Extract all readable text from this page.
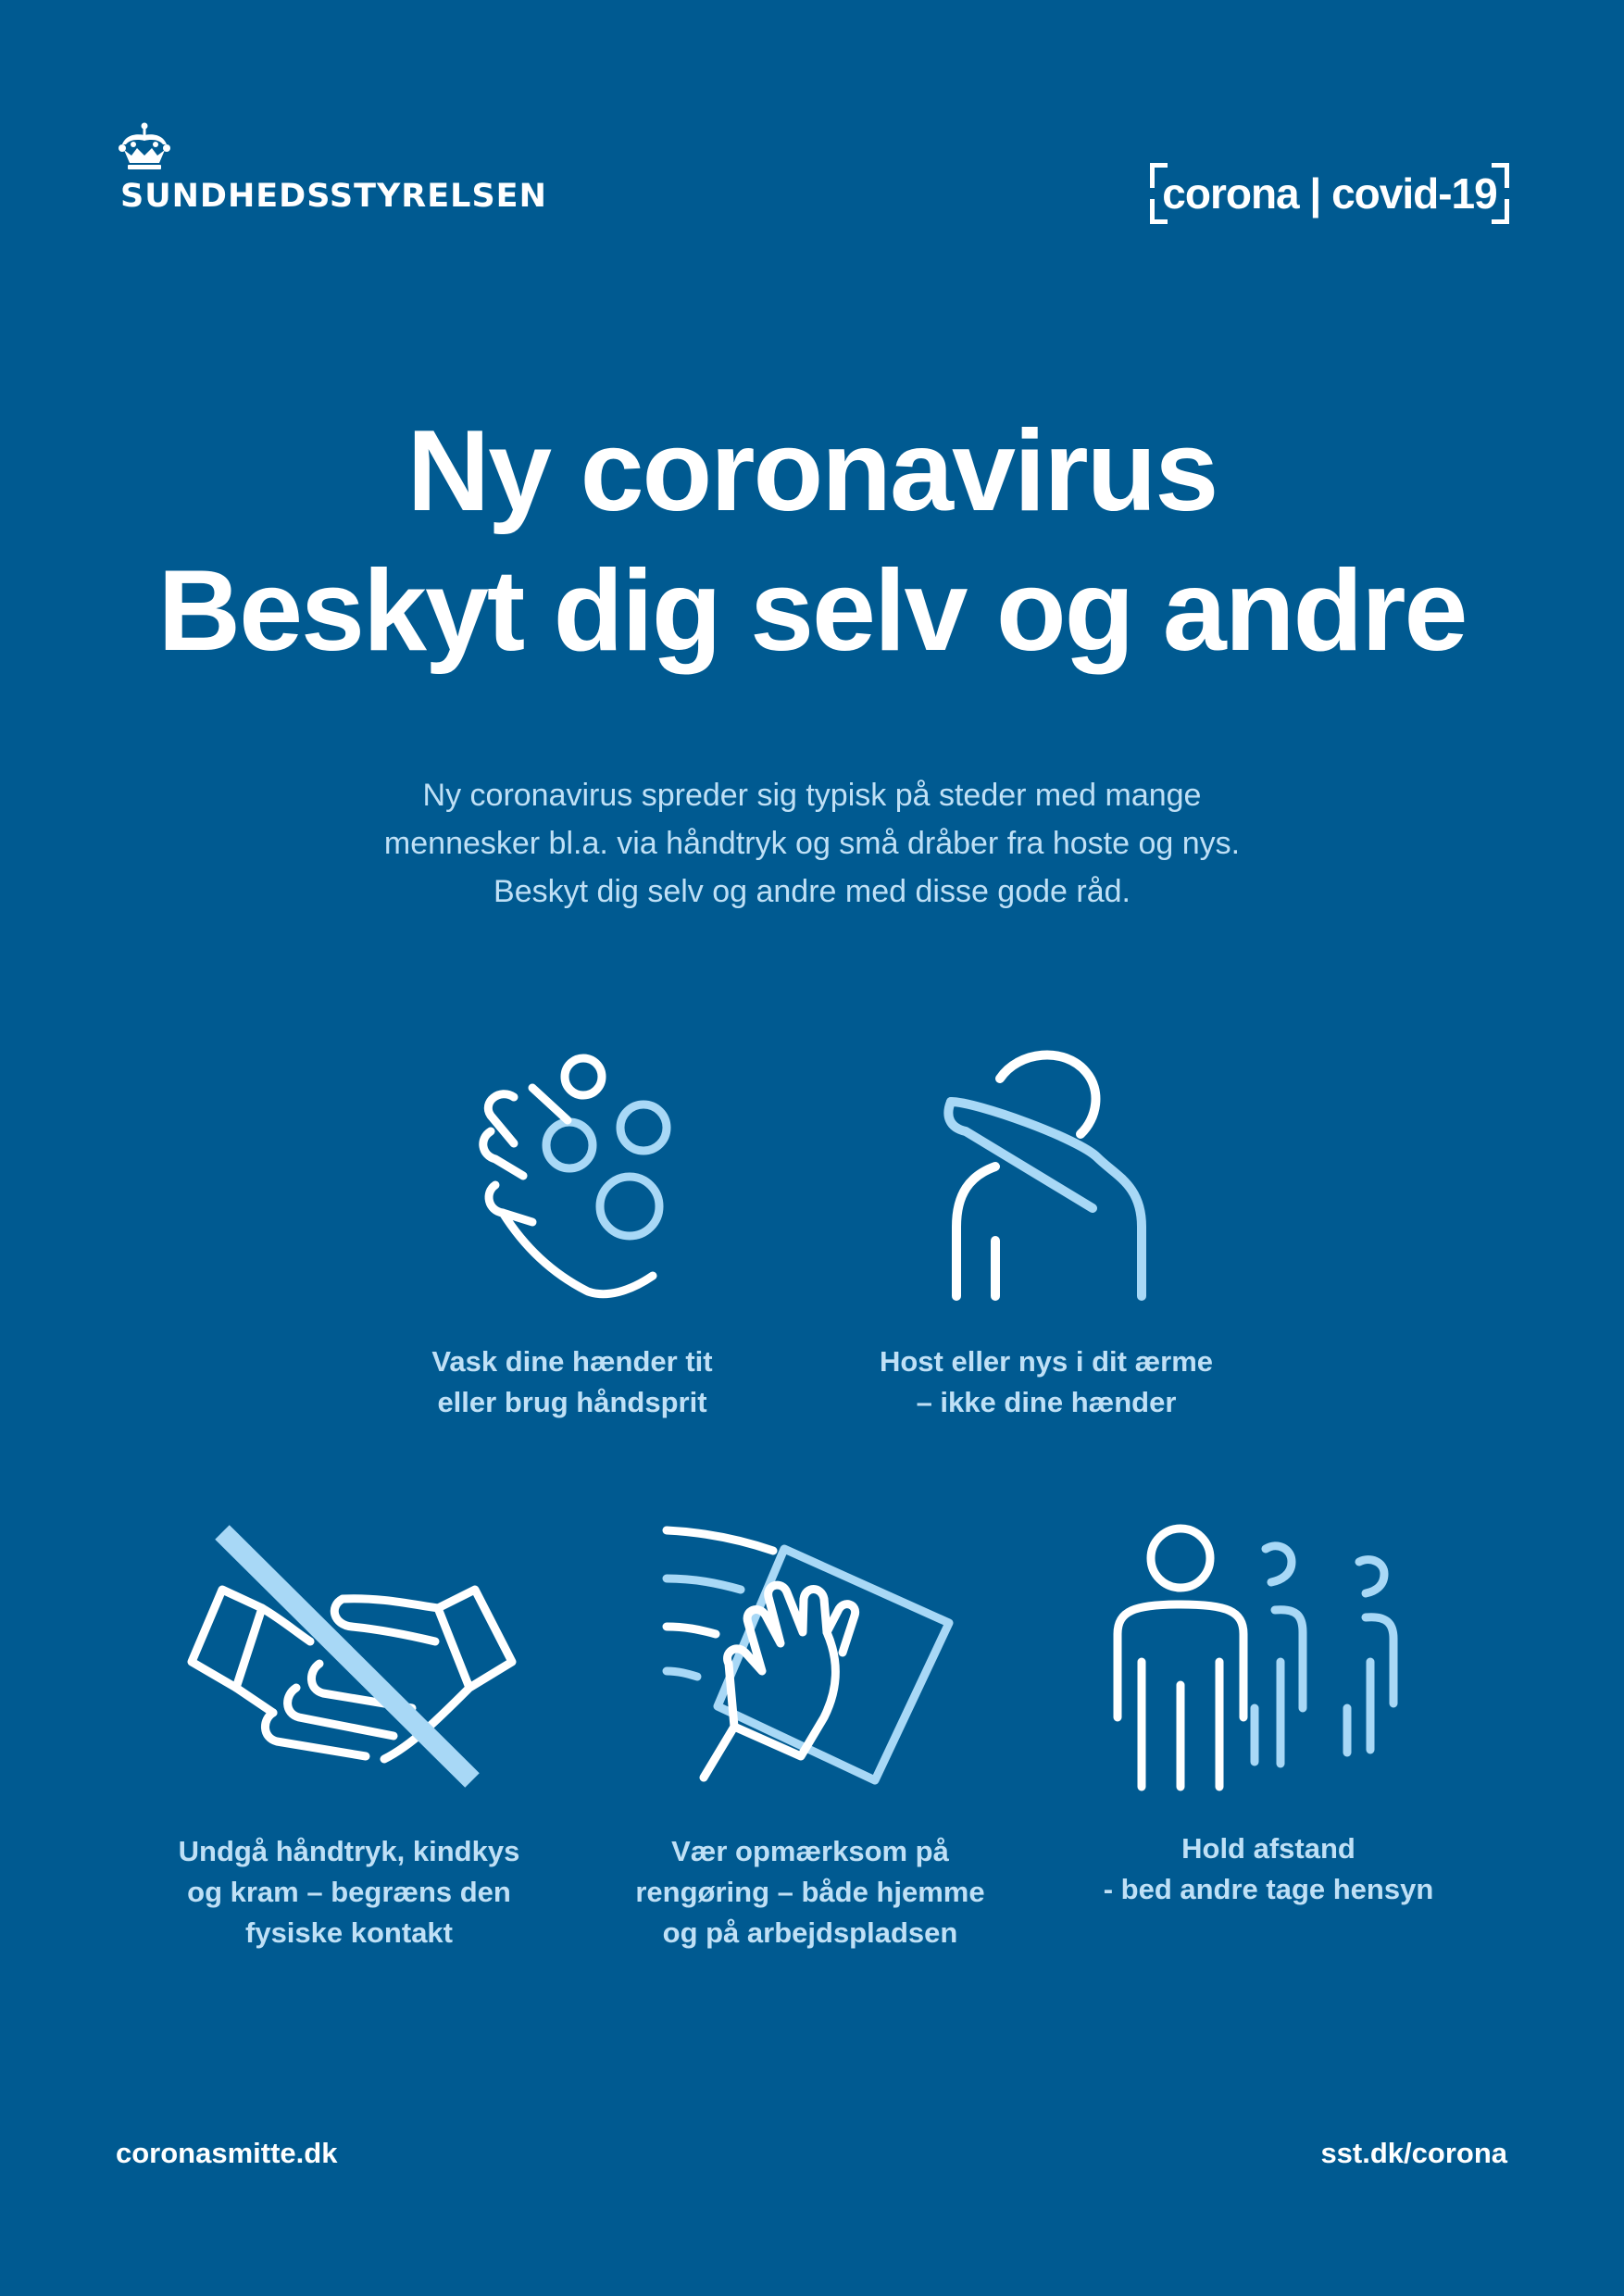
SUNDHEDSSTYRELSEN	corona | covid-19
Ny coronavirus
Beskyt dig selv og andre
Ny coronavirus spreder sig typisk på steder med mange
mennesker bl.a. via håndtryk og små dråber fra hoste og nys.
Beskyt dig selv og andre med disse gode råd.
Vask dine hænder tit
eller brug håndsprit
Host eller nys i dit ærme
– ikke dine hænder
Undgå håndtryk, kindkys
og kram – begræns den
fysiske kontakt
Vær opmærksom på
rengøring – både hjemme
og på arbejdspladsen
Hold afstand
- bed andre tage hensyn
coronasmitte.dk	sst.dk/corona
